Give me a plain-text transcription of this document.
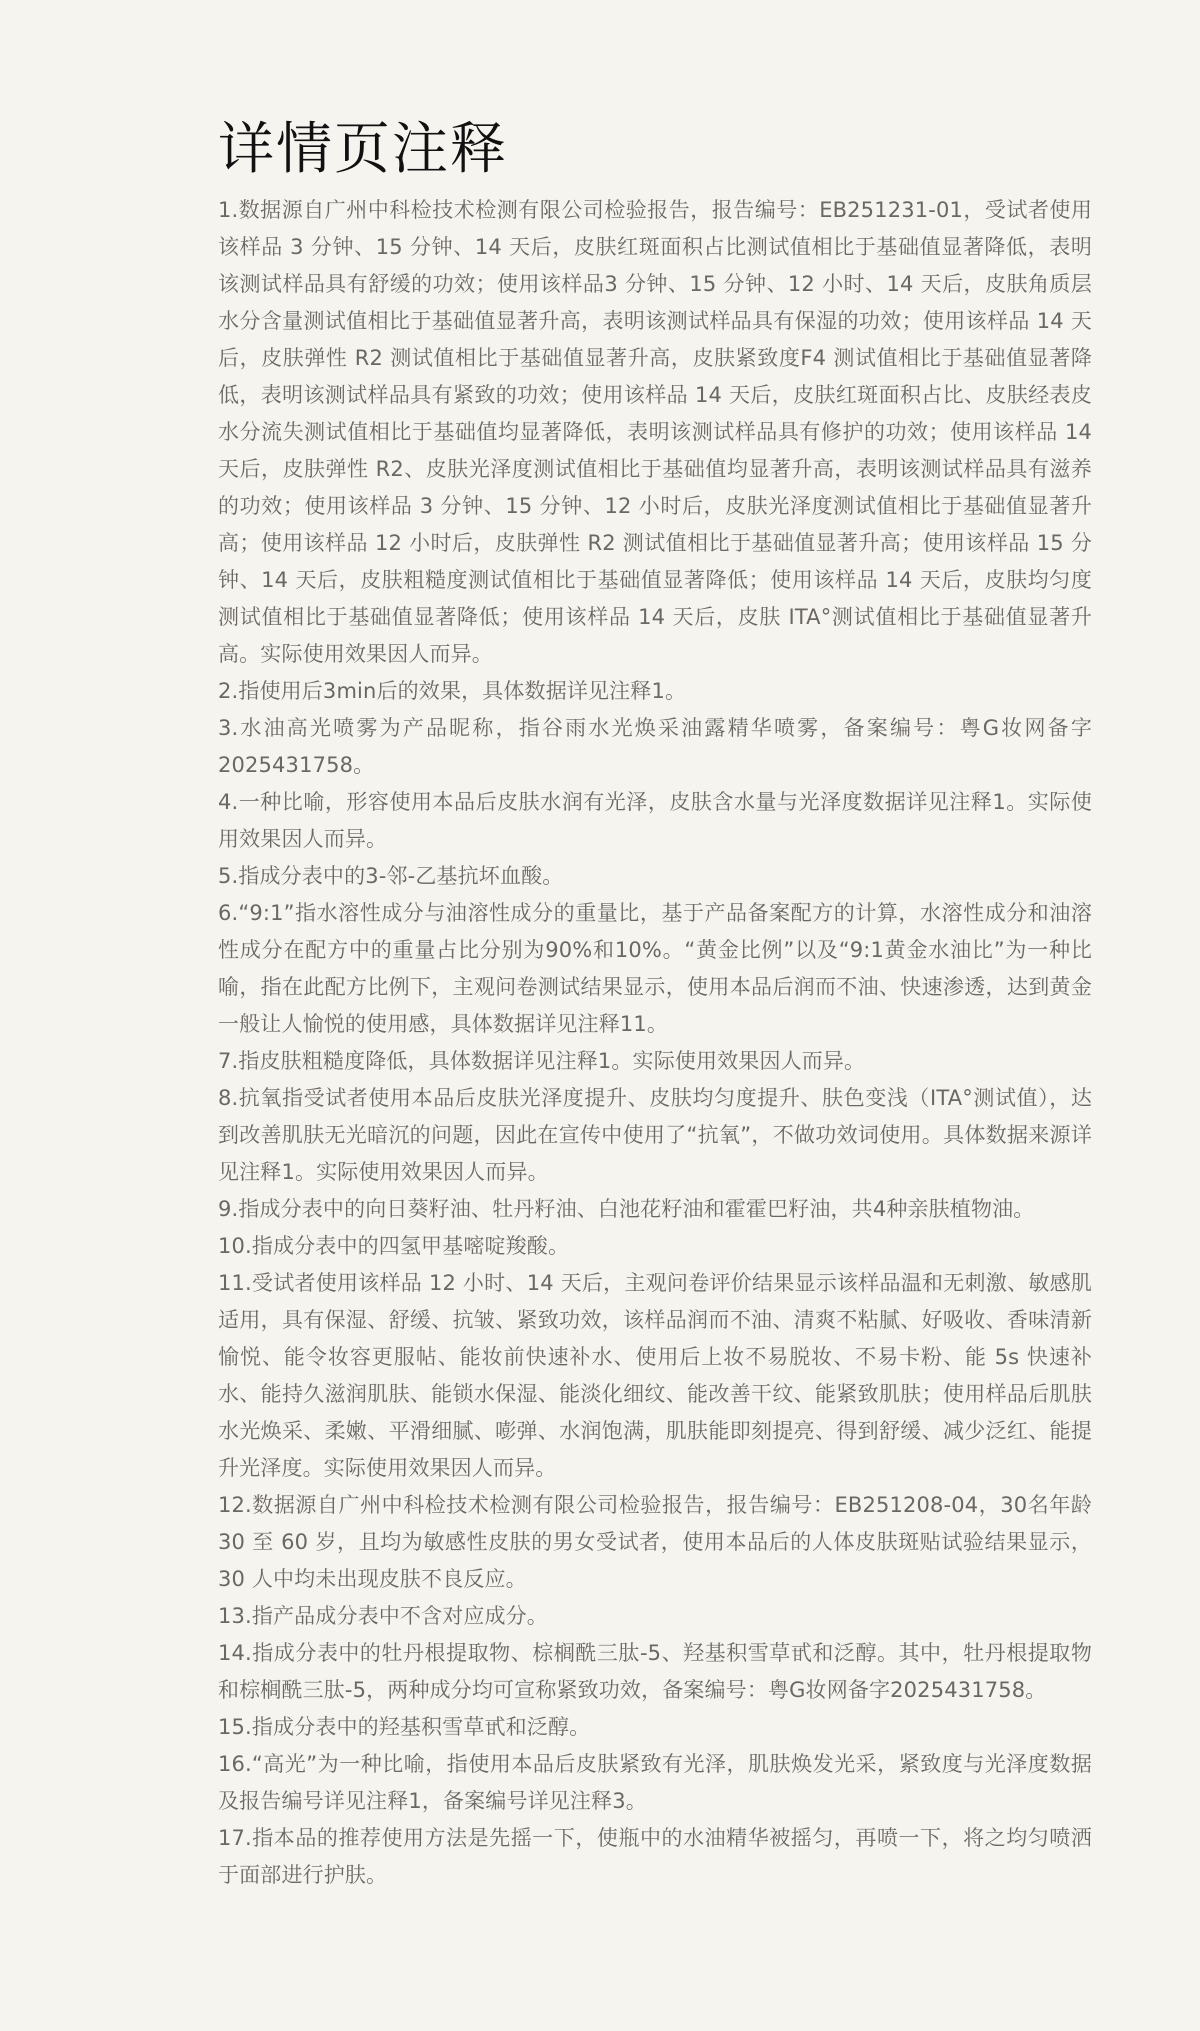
详情页注释

1.数据源自广州中科检技术检测有限公司检验报告，报告编号：EB251231-01，受试者使用该样品 3 分钟、15 分钟、14 天后，皮肤红斑面积占比测试值相比于基础值显著降低，表明该测试样品具有舒缓的功效；使用该样品3 分钟、15 分钟、12 小时、14 天后，皮肤角质层水分含量测试值相比于基础值显著升高，表明该测试样品具有保湿的功效；使用该样品 14 天后，皮肤弹性 R2 测试值相比于基础值显著升高，皮肤紧致度F4 测试值相比于基础值显著降低，表明该测试样品具有紧致的功效；使用该样品 14 天后，皮肤红斑面积占比、皮肤经表皮水分流失测试值相比于基础值均显著降低，表明该测试样品具有修护的功效；使用该样品 14 天后，皮肤弹性 R2、皮肤光泽度测试值相比于基础值均显著升高，表明该测试样品具有滋养的功效；使用该样品 3 分钟、15 分钟、12 小时后，皮肤光泽度测试值相比于基础值显著升高；使用该样品 12 小时后，皮肤弹性 R2 测试值相比于基础值显著升高；使用该样品 15 分钟、14 天后，皮肤粗糙度测试值相比于基础值显著降低；使用该样品 14 天后，皮肤均匀度测试值相比于基础值显著降低；使用该样品 14 天后，皮肤 ITA°测试值相比于基础值显著升高。实际使用效果因人而异。

2.指使用后3min后的效果，具体数据详见注释1。

3.水油高光喷雾为产品昵称，指谷雨水光焕采油露精华喷雾，备案编号：粤G妆网备字2025431758。

4.一种比喻，形容使用本品后皮肤水润有光泽，皮肤含水量与光泽度数据详见注释1。实际使用效果因人而异。

5.指成分表中的3-邻-乙基抗坏血酸。

6.“9:1”指水溶性成分与油溶性成分的重量比，基于产品备案配方的计算，水溶性成分和油溶性成分在配方中的重量占比分别为90%和10%。“黄金比例”以及“9:1黄金水油比”为一种比喻，指在此配方比例下，主观问卷测试结果显示，使用本品后润而不油、快速渗透，达到黄金一般让人愉悦的使用感，具体数据详见注释11。

7.指皮肤粗糙度降低，具体数据详见注释1。实际使用效果因人而异。

8.抗氧指受试者使用本品后皮肤光泽度提升、皮肤均匀度提升、肤色变浅（ITA°测试值），达到改善肌肤无光暗沉的问题，因此在宣传中使用了“抗氧”，不做功效词使用。具体数据来源详见注释1。实际使用效果因人而异。

9.指成分表中的向日葵籽油、牡丹籽油、白池花籽油和霍霍巴籽油，共4种亲肤植物油。

10.指成分表中的四氢甲基嘧啶羧酸。

11.受试者使用该样品 12 小时、14 天后，主观问卷评价结果显示该样品温和无刺激、敏感肌适用，具有保湿、舒缓、抗皱、紧致功效，该样品润而不油、清爽不粘腻、好吸收、香味清新愉悦、能令妆容更服帖、能妆前快速补水、使用后上妆不易脱妆、不易卡粉、能 5s 快速补水、能持久滋润肌肤、能锁水保湿、能淡化细纹、能改善干纹、能紧致肌肤；使用样品后肌肤水光焕采、柔嫩、平滑细腻、嘭弹、水润饱满，肌肤能即刻提亮、得到舒缓、减少泛红、能提升光泽度。实际使用效果因人而异。

12.数据源自广州中科检技术检测有限公司检验报告，报告编号：EB251208-04，30名年龄 30 至 60 岁，且均为敏感性皮肤的男女受试者，使用本品后的人体皮肤斑贴试验结果显示，30 人中均未出现皮肤不良反应。

13.指产品成分表中不含对应成分。

14.指成分表中的牡丹根提取物、棕榈酰三肽-5、羟基积雪草甙和泛醇。其中，牡丹根提取物和棕榈酰三肽-5，两种成分均可宣称紧致功效，备案编号：粤G妆网备字2025431758。

15.指成分表中的羟基积雪草甙和泛醇。

16.“高光”为一种比喻，指使用本品后皮肤紧致有光泽，肌肤焕发光采，紧致度与光泽度数据及报告编号详见注释1，备案编号详见注释3。

17.指本品的推荐使用方法是先摇一下，使瓶中的水油精华被摇匀，再喷一下，将之均匀喷洒于面部进行护肤。
